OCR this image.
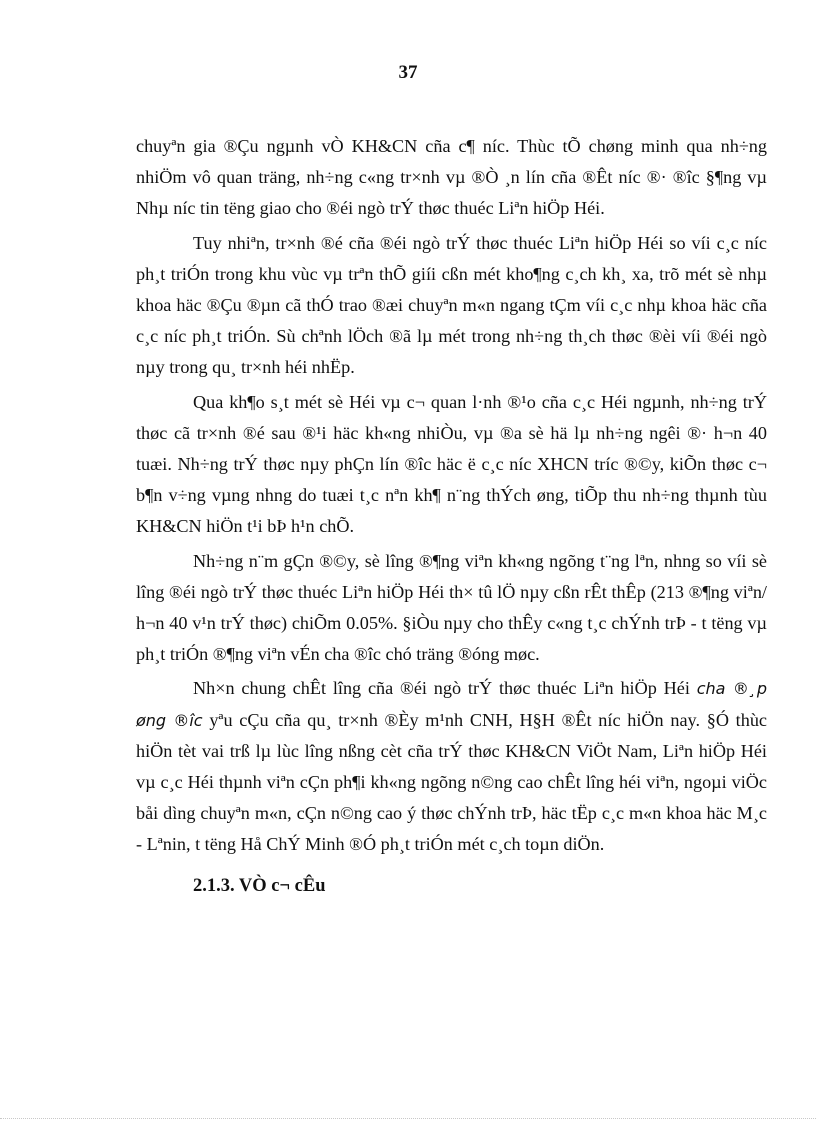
37

chuyªn gia ®Çu ngµnh vÒ KH&CN cña c¶ níc. Thùc tÕ chøng minh qua nh÷ng nhiÖm vô quan träng, nh÷ng c«ng tr×nh vµ ®Ò ¸n lín cña ®Êt níc ®· ®îc §¶ng vµ Nhµ níc tin tëng giao cho ®éi ngò trÝ thøc thuéc Liªn hiÖp Héi.

Tuy nhiªn, tr×nh ®é cña ®éi ngò trÝ thøc thuéc Liªn hiÖp Héi so víi c¸c níc ph¸t triÓn trong khu vùc vµ trªn thÕ giíi cßn mét kho¶ng c¸ch kh¸ xa, trõ mét sè nhµ khoa häc ®Çu ®µn cã thÓ trao ®æi chuyªn m«n ngang tÇm víi c¸c nhµ khoa häc cña c¸c níc ph¸t triÓn. Sù chªnh lÖch ®ã lµ mét trong nh÷ng th¸ch thøc ®èi víi ®éi ngò nµy trong qu¸ tr×nh héi nhËp.

Qua kh¶o s¸t mét sè Héi vµ c¬ quan l·nh ®¹o cña c¸c Héi ngµnh, nh÷ng trÝ thøc cã tr×nh ®é sau ®¹i häc kh«ng nhiÒu, vµ ®a sè hä lµ nh÷ng ngêi ®· h¬n 40 tuæi. Nh÷ng trÝ thøc nµy phÇn lín ®îc häc ë c¸c níc XHCN tríc ®©y, kiÕn thøc c¬ b¶n v÷ng vµng nhng do tuæi t¸c nªn kh¶ n¨ng thÝch øng, tiÕp thu nh÷ng thµnh tùu KH&CN hiÖn t¹i bÞ h¹n chÕ.

Nh÷ng n¨m gÇn ®©y, sè lîng ®¶ng viªn kh«ng ngõng t¨ng lªn, nhng so víi sè lîng ®éi ngò trÝ thøc thuéc Liªn hiÖp Héi th× tû lÖ nµy cßn rÊt thÊp (213 ®¶ng viªn/ h¬n 40 v¹n trÝ thøc) chiÕm 0.05%. §iÒu nµy cho thÊy c«ng t¸c chÝnh trÞ - t tëng vµ ph¸t triÓn ®¶ng viªn vÉn cha ®îc chó träng ®óng møc.

Nh×n chung chÊt lîng cña ®éi ngò trÝ thøc thuéc Liªn hiÖp Héi cha ®¸p øng ®îc yªu cÇu cña qu¸ tr×nh ®Èy m¹nh CNH, H§H ®Êt níc hiÖn nay. §Ó thùc hiÖn tèt vai trß lµ lùc lîng nßng cèt cña trÝ thøc KH&CN ViÖt Nam, Liªn hiÖp Héi vµ c¸c Héi thµnh viªn cÇn ph¶i kh«ng ngõng n©ng cao chÊt lîng héi viªn, ngoµi viÖc båi dìng chuyªn m«n, cÇn n©ng cao ý thøc chÝnh trÞ, häc tËp c¸c m«n khoa häc M¸c - Lªnin, t tëng Hå ChÝ Minh ®Ó ph¸t triÓn mét c¸ch toµn diÖn.

2.1.3. VÒ c¬ cÊu
